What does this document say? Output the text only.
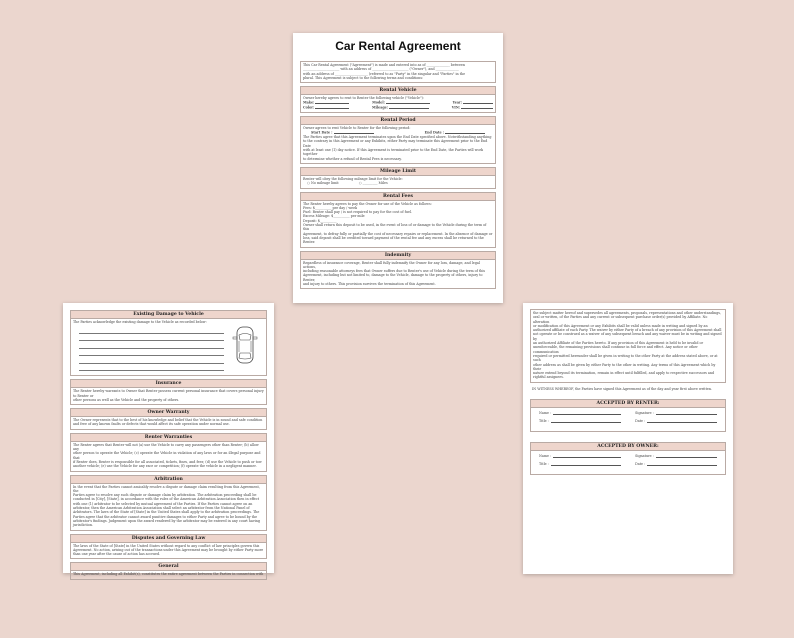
Car Rental Agreement
This Car Rental Agreement ("Agreement") is made and entered into as of ______________ between
______________________ with an address of ______________________ ("Owner"), and ______________
with an address of ____________________ (referred to as "Party" in the singular and "Parties" in the
plural. This Agreement is subject to the following terms and conditions:
Rental Vehicle
Owner hereby agrees to rent to Renter the following vehicle ("Vehicle"):
Make:	Model:	Year:
Color:	Mileage:	VIN:
Rental Period
Owner agrees to rent Vehicle to Renter for the following period:
Start Date :	End Date :
The Parties agree that this Agreement terminates upon the End Date specified above. Notwithstanding anything
to the contrary in this Agreement or any Exhibits, either Party may terminate this Agreement prior to the End Date
with at least one (1) day notice. If this Agreement is terminated prior to the End Date, the Parties will work together
to determine whether a refund of Rental Fees is necessary.
Mileage Limit
Renter will obey the following mileage limit for the Vehicle:
○ No mileage limit	○ _________ Miles
Rental Fees
The Renter hereby agrees to pay the Owner for use of the Vehicle as follows:
Fees: $__________ per day / week
Fuel: Renter shall pay / is not required to pay for the cost of fuel.
Excess Mileage: $__________ per mile
Deposit: $__________
Owner shall return this deposit to be used, in the event of loss of or damage to the Vehicle during the term of this
Agreement, to defray fully or partially the cost of necessary repairs or replacement. In the absence of damage or
loss, said deposit shall be credited toward payment of the rental fee and any excess shall be returned to the Renter.
Indemnity
Regardless of insurance coverage, Renter shall fully indemnify the Owner for any loss, damage, and legal actions,
including reasonable attorneys fees that Owner suffers due to Renter's use of Vehicle during the term of this
Agreement, including but not limited to, damage to the Vehicle, damage to the property of others, injury to Renter,
and injury to others. This provision survives the termination of this Agreement.
Existing Damage to Vehicle
The Parties acknowledge the existing damage to the Vehicle as recorded below:
Insurance
The Renter hereby warrants to Owner that Renter possess current personal insurance that covers personal injury to Renter or
other persons as well as the Vehicle and the property of others.
Owner Warranty
The Owner represents that to the best of his knowledge and belief that the Vehicle is in sound and safe condition
and free of any known faults or defects that would affect its safe operation under normal use.
Renter Warranties
The Renter agrees that Renter will not (a) use the Vehicle to carry any passengers other than Renter; (b) allow any
other person to operate the Vehicle; (c) operate the Vehicle in violation of any laws or for an illegal purpose and that
if Renter does, Renter is responsible for all associated, tickets, fines, and fees; (d) use the Vehicle to push or tow
another vehicle; (e) use the Vehicle for any race or competition; (f) operate the vehicle in a negligent manner.
Arbitration
In the event that the Parties cannot amicably resolve a dispute or damage claim resulting from this Agreement, the
Parties agree to resolve any such dispute or damage claim by arbitration. The arbitration proceeding shall be
conducted in [City], [State], in accordance with the rules of the American Arbitration Association then in effect
with one (1) arbitrator to be selected by mutual agreement of the Parties. If the Parties cannot agree on an
arbitrator, then the American Arbitration Association shall select an arbitrator from the National Panel of
Arbitrators. The laws of the State of [State] in the United States shall apply to the arbitration proceedings. The
Parties agree that the arbitrator cannot award punitive damages to either Party and agree to be bound by the
arbitrator's findings. Judgement upon the award rendered by the arbitrator may be entered in any court having
jurisdiction.
Disputes and Governing Law
The laws of the State of [State] in the United States without regard to any conflict of law principles govern this
Agreement. No action, arising out of the transactions under this Agreement may be brought by either Party more
than one year after the cause of action has accrued.
General
This Agreement, including all Exhibit(s), constitutes the entire agreement between the Parties in connection with
the subject matter hereof and supersedes all agreements, proposals, representations and other understandings,
oral or written, of the Parties and any current or subsequent purchase order(s) provided by Affiliate. No alteration
or modification of this Agreement or any Exhibits shall be valid unless made in writing and signed by an
authorized affiliate of each Party. The waiver by either Party of a breach of any provision of this Agreement shall
not operate or be construed as a waiver of any subsequent breach and any waiver must be in writing and signed by
an authorized Affiliate of the Parties hereto. If any provision of this Agreement is held to be invalid or
unenforceable, the remaining provisions shall continue in full force and effect. Any notice or other communication
required or permitted hereunder shall be given in writing to the other Party at the address stated above, or at such
other address as shall be given by either Party to the other in writing. Any terms of this Agreement which by their
nature extend beyond its termination, remain in effect until fulfilled, and apply to respective successors and
rightful assignees.
IN WITNESS WHEREOF, the Parties have signed this Agreement as of the day and year first above written.
ACCEPTED BY RENTER:
Name :	Signature :
Title :	Date :
ACCEPTED BY OWNER:
Name :	Signature :
Title :	Date :
